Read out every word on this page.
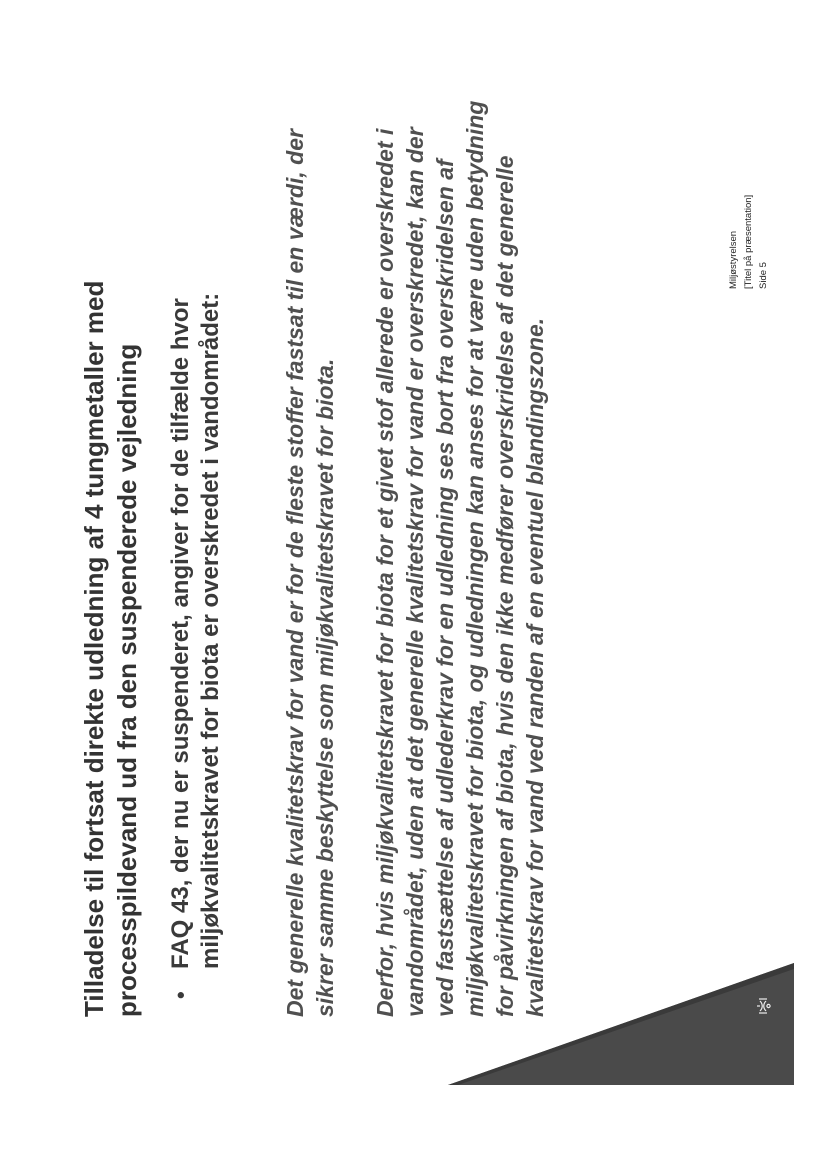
Tilladelse til fortsat direkte udledning af 4 tungmetaller med processpildevand ud fra den suspenderede vejledning •
FAQ 43, der nu er suspenderet, angiver for de tilfælde hvor miljøkvalitetskravet for biota er overskredet i vandområdet:	Det generelle kvalitetskrav for vand er for de fleste stoffer fastsat til en værdi, der sikrer samme beskyttelse som miljøkvalitetskravet for biota. Derfor, hvis miljøkvalitetskravet for biota for et givet stof allerede er overskredet i vandområdet, uden at det generelle kvalitetskrav for vand er overskredet, kan der ved fastsættelse af udlederkrav for en udledning ses bort fra overskridelsen af miljøkvalitetskravet for biota, og udledningen kan anses for at være uden betydning for påvirkningen af biota, hvis den ikke medfører overskridelse af det generelle kvalitetskrav for vand ved randen af en eventuel blandingszone.

Miljøstyrelsen [Titel på præsentation] Side 5
